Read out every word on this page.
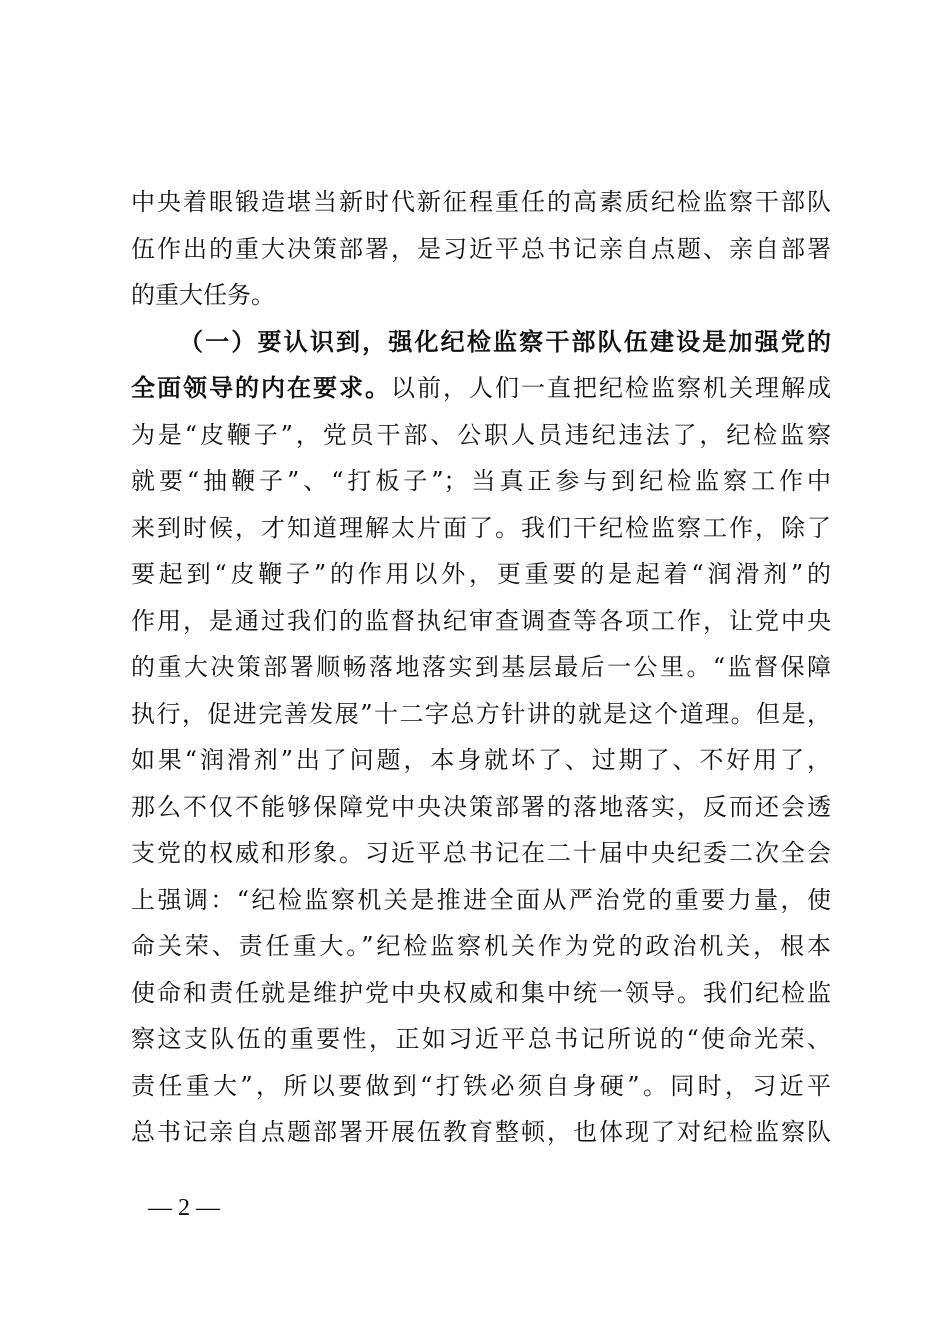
中央着眼锻造堪当新时代新征程重任的高素质纪检监察干部队
伍作出的重大决策部署，是习近平总书记亲自点题、亲自部署
的重大任务。
（一）要认识到，强化纪检监察干部队伍建设是加强党的
全面领导的内在要求。以前，人们一直把纪检监察机关理解成
为是“皮鞭子”，党员干部、公职人员违纪违法了，纪检监察
就要“抽鞭子”、“打板子”；当真正参与到纪检监察工作中
来到时候，才知道理解太片面了。我们干纪检监察工作，除了
要起到“皮鞭子”的作用以外，更重要的是起着“润滑剂”的
作用，是通过我们的监督执纪审查调查等各项工作，让党中央
的重大决策部署顺畅落地落实到基层最后一公里。“监督保障
执行，促进完善发展”十二字总方针讲的就是这个道理。但是，
如果“润滑剂”出了问题，本身就坏了、过期了、不好用了，
那么不仅不能够保障党中央决策部署的落地落实，反而还会透
支党的权威和形象。习近平总书记在二十届中央纪委二次全会
上强调：“纪检监察机关是推进全面从严治党的重要力量，使
命关荣、责任重大。”纪检监察机关作为党的政治机关，根本
使命和责任就是维护党中央权威和集中统一领导。我们纪检监
察这支队伍的重要性，正如习近平总书记所说的“使命光荣、
责任重大”，所以要做到“打铁必须自身硬”。同时，习近平
总书记亲自点题部署开展伍教育整顿，也体现了对纪检监察队
— 2 —
